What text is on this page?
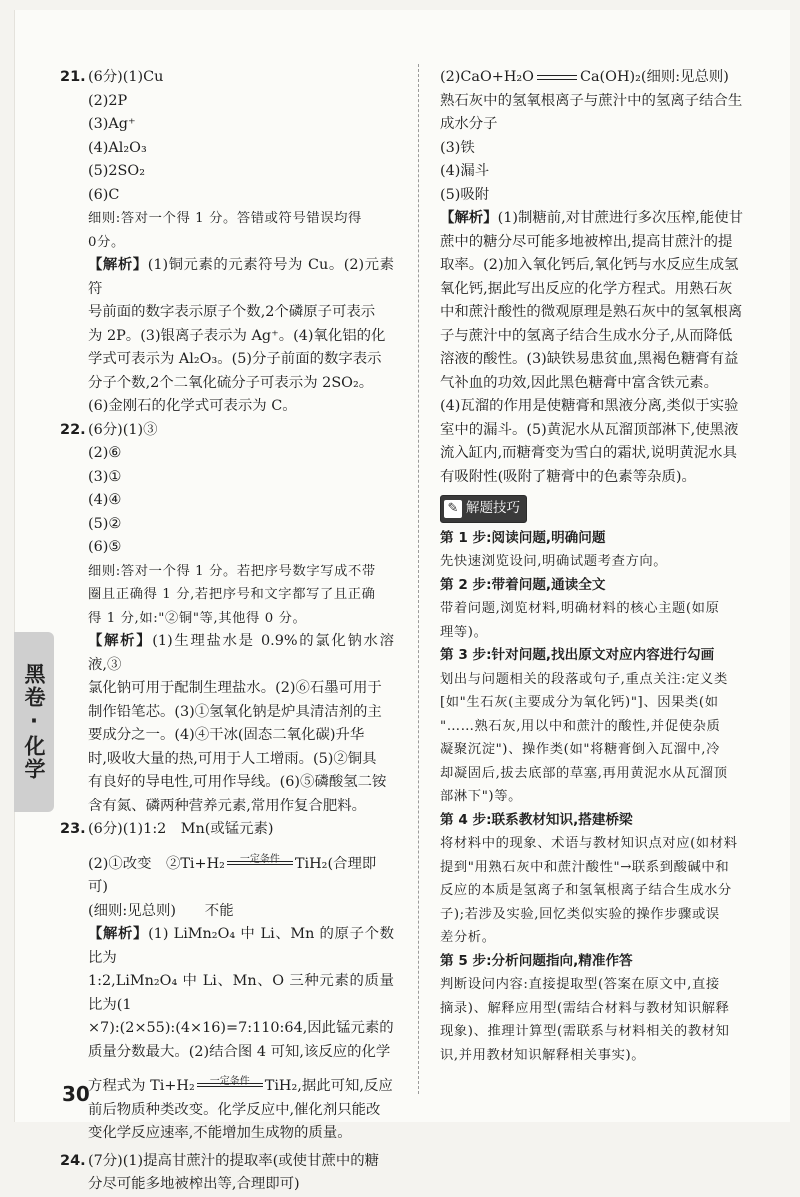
黑卷·化学
21. (6分)(1)Cu
(2)2P
(3)Ag⁺
(4)Al₂O₃
(5)2SO₂
(6)C
细则:答对一个得 1 分。答错或符号错误均得
0分。
【解析】(1)铜元素的元素符号为 Cu。(2)元素符
号前面的数字表示原子个数,2个磷原子可表示
为 2P。(3)银离子表示为 Ag⁺。(4)氧化铝的化
学式可表示为 Al₂O₃。(5)分子前面的数字表示
分子个数,2个二氧化硫分子可表示为 2SO₂。
(6)金刚石的化学式可表示为 C。
22. (6分)(1)③
(2)⑥
(3)①
(4)④
(5)②
(6)⑤
细则:答对一个得 1 分。若把序号数字写成不带
圈且正确得 1 分,若把序号和文字都写了且正确
得 1 分,如:"②铜"等,其他得 0 分。
【解析】(1)生理盐水是 0.9%的氯化钠水溶液,③
氯化钠可用于配制生理盐水。(2)⑥石墨可用于
制作铅笔芯。(3)①氢氧化钠是炉具清洁剂的主
要成分之一。(4)④干冰(固态二氧化碳)升华
时,吸收大量的热,可用于人工增雨。(5)②铜具
有良好的导电性,可用作导线。(6)⑤磷酸氢二铵
含有氮、磷两种营养元素,常用作复合肥料。
23. (6分)(1)1:2　Mn(或锰元素)
(2)①改变　②Ti+H₂ 一定条件 TiH₂(合理即可)
(细则:见总则)　　不能
【解析】(1) LiMn₂O₄ 中 Li、Mn 的原子个数比为
1:2,LiMn₂O₄ 中 Li、Mn、O 三种元素的质量比为(1
×7):(2×55):(4×16)=7:110:64,因此锰元素的
质量分数最大。(2)结合图 4 可知,该反应的化学
方程式为 Ti+H₂ 一定条件 TiH₂,据此可知,反应
前后物质种类改变。化学反应中,催化剂只能改
变化学反应速率,不能增加生成物的质量。
24. (7分)(1)提高甘蔗汁的提取率(或使甘蔗中的糖
分尽可能多地被榨出等,合理即可)
(2)CaO+H₂O	Ca(OH)₂(细则:见总则)
熟石灰中的氢氧根离子与蔗汁中的氢离子结合生
成水分子
(3)铁
(4)漏斗
(5)吸附
【解析】(1)制糖前,对甘蔗进行多次压榨,能使甘
蔗中的糖分尽可能多地被榨出,提高甘蔗汁的提
取率。(2)加入氧化钙后,氧化钙与水反应生成氢
氧化钙,据此写出反应的化学方程式。用熟石灰
中和蔗汁酸性的微观原理是熟石灰中的氢氧根离
子与蔗汁中的氢离子结合生成水分子,从而降低
溶液的酸性。(3)缺铁易患贫血,黑褐色糖膏有益
气补血的功效,因此黑色糖膏中富含铁元素。
(4)瓦溜的作用是使糖膏和黑液分离,类似于实验
室中的漏斗。(5)黄泥水从瓦溜顶部淋下,使黑液
流入缸内,而糖膏变为雪白的霜状,说明黄泥水具
有吸附性(吸附了糖膏中的色素等杂质)。
✎ 解题技巧
第 1 步:阅读问题,明确问题
先快速浏览设问,明确试题考查方向。
第 2 步:带着问题,通读全文
带着问题,浏览材料,明确材料的核心主题(如原
理等)。
第 3 步:针对问题,找出原文对应内容进行勾画
划出与问题相关的段落或句子,重点关注:定义类
[如"生石灰(主要成分为氧化钙)"]、因果类(如
"……熟石灰,用以中和蔗汁的酸性,并促使杂质
凝聚沉淀")、操作类(如"将糖膏倒入瓦溜中,冷
却凝固后,拔去底部的草塞,再用黄泥水从瓦溜顶
部淋下")等。
第 4 步:联系教材知识,搭建桥梁
将材料中的现象、术语与教材知识点对应(如材料
提到"用熟石灰中和蔗汁酸性"→联系到酸碱中和
反应的本质是氢离子和氢氧根离子结合生成水分
子);若涉及实验,回忆类似实验的操作步骤或误
差分析。
第 5 步:分析问题指向,精准作答
判断设问内容:直接提取型(答案在原文中,直接
摘录)、解释应用型(需结合材料与教材知识解释
现象)、推理计算型(需联系与材料相关的教材知
识,并用教材知识解释相关事实)。
30
